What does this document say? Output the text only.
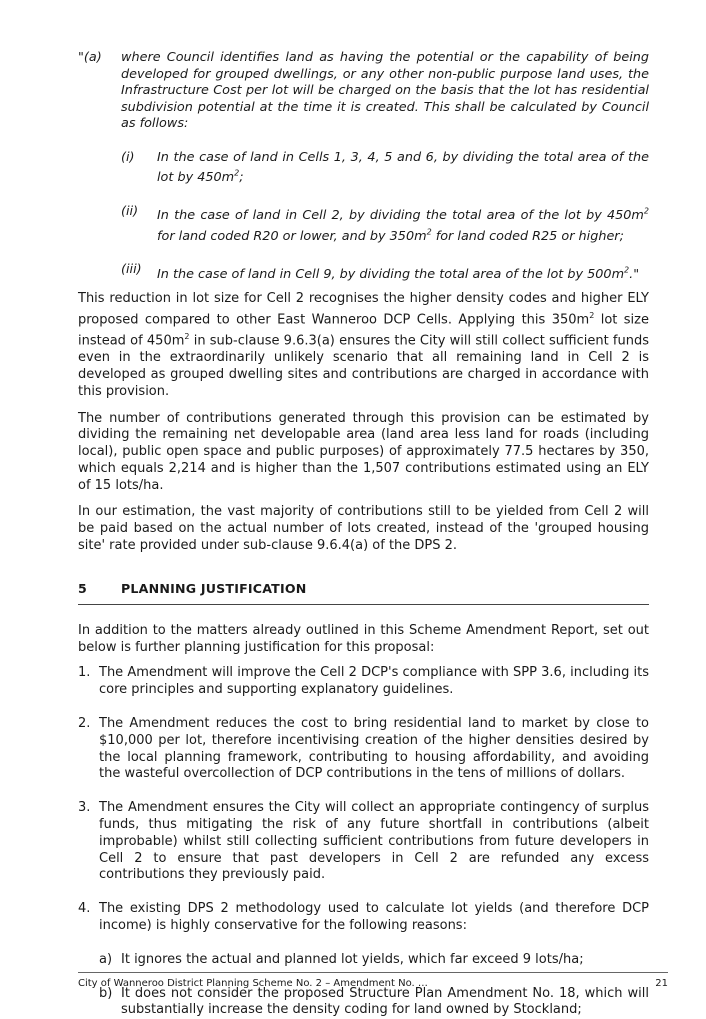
"(a) where Council identifies land as having the potential or the capability of being developed for grouped dwellings, or any other non-public purpose land uses, the Infrastructure Cost per lot will be charged on the basis that the lot has residential subdivision potential at the time it is created. This shall be calculated by Council as follows:
(i) In the case of land in Cells 1, 3, 4, 5 and 6, by dividing the total area of the lot by $450m^2$;
(ii) In the case of land in Cell 2, by dividing the total area of the lot by $450m^2$ for land coded R20 or lower, and by $350m^2$ for land coded R25 or higher;
(iii) In the case of land in Cell 9, by dividing the total area of the lot by $500m^2$."

This reduction in lot size for Cell 2 recognises the higher density codes and higher ELY proposed compared to other East Wanneroo DCP Cells. Applying this $350m^2$ lot size instead of $450m^2$ in sub-clause 9.6.3(a) ensures the City will still collect sufficient funds even in the extraordinarily unlikely scenario that all remaining land in Cell 2 is developed as grouped dwelling sites and contributions are charged in accordance with this provision.

The number of contributions generated through this provision can be estimated by dividing the remaining net developable area (land area less land for roads (including local), public open space and public purposes) of approximately 77.5 hectares by 350, which equals 2,214 and is higher than the 1,507 contributions estimated using an ELY of 15 lots/ha.

In our estimation, the vast majority of contributions still to be yielded from Cell 2 will be paid based on the actual number of lots created, instead of the 'grouped housing site' rate provided under sub-clause 9.6.4(a) of the DPS 2.

5	PLANNING JUSTIFICATION

In addition to the matters already outlined in this Scheme Amendment Report, set out below is further planning justification for this proposal:

1. The Amendment will improve the Cell 2 DCP's compliance with SPP 3.6, including its core principles and supporting explanatory guidelines.
2. The Amendment reduces the cost to bring residential land to market by close to $10,000 per lot, therefore incentivising creation of the higher densities desired by the local planning framework, contributing to housing affordability, and avoiding the wasteful overcollection of DCP contributions in the tens of millions of dollars.
3. The Amendment ensures the City will collect an appropriate contingency of surplus funds, thus mitigating the risk of any future shortfall in contributions (albeit improbable) whilst still collecting sufficient contributions from future developers in Cell 2 to ensure that past developers in Cell 2 are refunded any excess contributions they previously paid.
4. The existing DPS 2 methodology used to calculate lot yields (and therefore DCP income) is highly conservative for the following reasons:
a) It ignores the actual and planned lot yields, which far exceed 9 lots/ha;
b) It does not consider the proposed Structure Plan Amendment No. 18, which will substantially increase the density coding for land owned by Stockland;
City of Wanneroo District Planning Scheme No. 2 – Amendment No. …	21
